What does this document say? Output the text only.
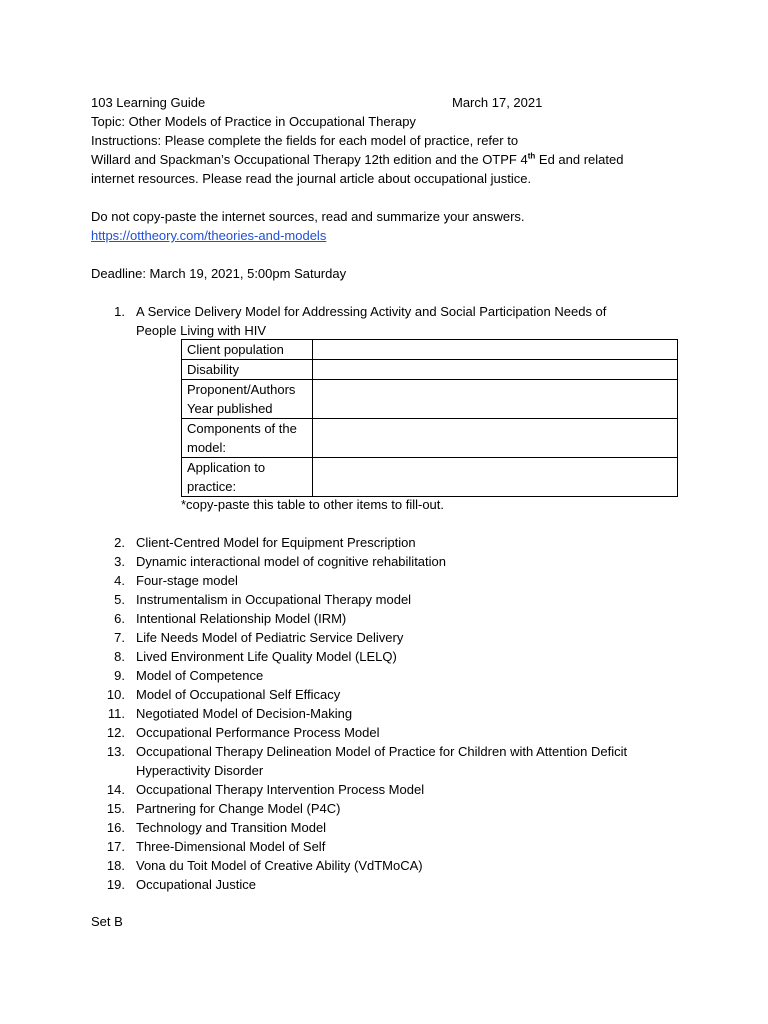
103 Learning Guide	March 17, 2021
Topic: Other Models of Practice in Occupational Therapy
Instructions: Please complete the fields for each model of practice, refer to
Willard and Spackman’s Occupational Therapy 12th edition and the OTPF 4th Ed and related
internet resources. Please read the journal article about occupational justice.
Do not copy-paste the internet sources, read and summarize your answers.
https://ottheory.com/theories-and-models
Deadline: March 19, 2021, 5:00pm Saturday
1. A Service Delivery Model for Addressing Activity and Social Participation Needs of
People Living with HIV
Client population	
Disability	
Proponent/Authors Year published	
Components of the model:	
Application to practice:	
*copy-paste this table to other items to fill-out.
2. Client-Centred Model for Equipment Prescription
3. Dynamic interactional model of cognitive rehabilitation
4. Four-stage model
5. Instrumentalism in Occupational Therapy model
6. Intentional Relationship Model (IRM)
7. Life Needs Model of Pediatric Service Delivery
8. Lived Environment Life Quality Model (LELQ)
9. Model of Competence
10. Model of Occupational Self Efficacy
11. Negotiated Model of Decision-Making
12. Occupational Performance Process Model
13. Occupational Therapy Delineation Model of Practice for Children with Attention Deficit
Hyperactivity Disorder
14. Occupational Therapy Intervention Process Model
15. Partnering for Change Model (P4C)
16. Technology and Transition Model
17. Three-Dimensional Model of Self
18. Vona du Toit Model of Creative Ability (VdTMoCA)
19. Occupational Justice
Set B
